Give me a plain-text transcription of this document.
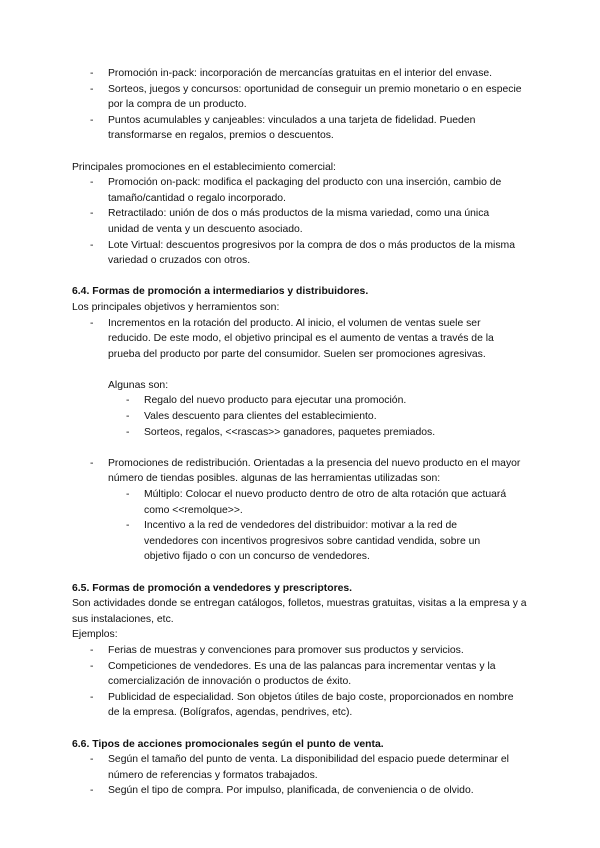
- Promoción in-pack: incorporación de mercancías gratuitas en el interior del envase.
- Sorteos, juegos y concursos: oportunidad de conseguir un premio monetario o en especie por la compra de un producto.
- Puntos acumulables y canjeables: vinculados a una tarjeta de fidelidad. Pueden transformarse en regalos, premios o descuentos.
Principales promociones en el establecimiento comercial:
- Promoción on-pack: modifica el packaging del producto con una inserción, cambio de tamaño/cantidad o regalo incorporado.
- Retractilado: unión de dos o más productos de la misma variedad, como una única unidad de venta y un descuento asociado.
- Lote Virtual: descuentos progresivos por la compra de dos o más productos de la misma variedad o cruzados con otros.
6.4. Formas de promoción a intermediarios y distribuidores.
Los principales objetivos y herramientos son:
- Incrementos en la rotación del producto. Al inicio, el volumen de ventas suele ser reducido. De este modo, el objetivo principal es el aumento de ventas a través de la prueba del producto por parte del consumidor. Suelen ser promociones agresivas.
Algunas son:
- Regalo del nuevo producto para ejecutar una promoción.
- Vales descuento para clientes del establecimiento.
- Sorteos, regalos, <<rascas>> ganadores, paquetes premiados.
- Promociones de redistribución. Orientadas a la presencia del nuevo producto en el mayor número de tiendas posibles. algunas de las herramientas utilizadas son:
- Múltiplo: Colocar el nuevo producto dentro de otro de alta rotación que actuará como <<remolque>>.
- Incentivo a la red de vendedores del distribuidor: motivar a la red de vendedores con incentivos progresivos sobre cantidad vendida, sobre un objetivo fijado o con un concurso de vendedores.
6.5. Formas de promoción a vendedores y prescriptores.
Son actividades donde se entregan catálogos, folletos, muestras gratuitas, visitas a la empresa y a sus instalaciones, etc.
Ejemplos:
- Ferias de muestras y convenciones para promover sus productos y servicios.
- Competiciones de vendedores. Es una de las palancas para incrementar ventas y la comercialización de innovación o productos de éxito.
- Publicidad de especialidad. Son objetos útiles de bajo coste, proporcionados en nombre de la empresa. (Bolígrafos, agendas, pendrives, etc).
6.6. Tipos de acciones promocionales según el punto de venta.
- Según el tamaño del punto de venta. La disponibilidad del espacio puede determinar el número de referencias y formatos trabajados.
- Según el tipo de compra. Por impulso, planificada, de conveniencia o de olvido.
